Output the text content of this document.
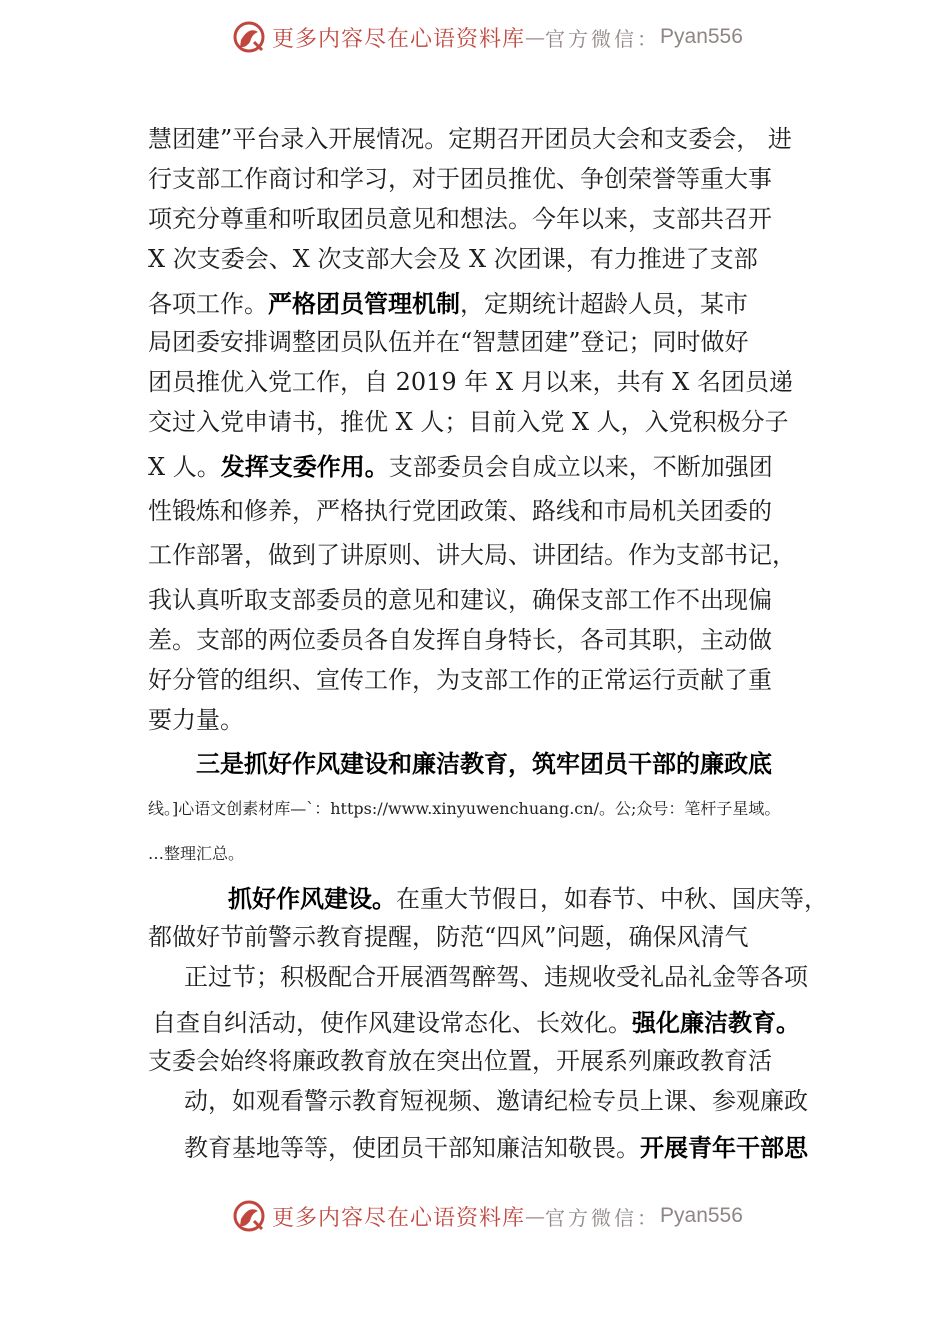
更多内容尽在心语资料库 — 官方微信： Pyan556
慧团建”平台录入开展情况。定期召开团员大会和支委会， 进
行支部工作商讨和学习，对于团员推优、争创荣誉等重大事
项充分尊重和听取团员意见和想法。今年以来，支部共召开
X 次支委会、X 次支部大会及 X 次团课，有力推进了支部
各项工作。严格团员管理机制，定期统计超龄人员，某市
局团委安排调整团员队伍并在“智慧团建”登记；同时做好
团员推优入党工作，自 2019 年 X 月以来，共有 X 名团员递
交过入党申请书，推优 X 人；目前入党 X 人，入党积极分子
X 人。发挥支委作用。支部委员会自成立以来，不断加强团
性锻炼和修养，严格执行党团政策、路线和市局机关团委的
工作部署，做到了讲原则、讲大局、讲团结。作为支部书记，
我认真听取支部委员的意见和建议，确保支部工作不出现偏
差。支部的两位委员各自发挥自身特长，各司其职，主动做
好分管的组织、宣传工作，为支部工作的正常运行贡献了重
要力量。
三是抓好作风建设和廉洁教育，筑牢团员干部的廉政底
线。]心语文创素材库—`：https://www.xinyuwenchuang.cn/。公;众号：笔杆子星域。
…整理汇总。
抓好作风建设。在重大节假日，如春节、中秋、国庆等，
都做好节前警示教育提醒，防范“四风”问题，确保风清气
正过节；积极配合开展酒驾醉驾、违规收受礼品礼金等各项
自查自纠活动，使作风建设常态化、长效化。强化廉洁教育。
支委会始终将廉政教育放在突出位置，开展系列廉政教育活
动，如观看警示教育短视频、邀请纪检专员上课、参观廉政
教育基地等等，使团员干部知廉洁知敬畏。开展青年干部思
更多内容尽在心语资料库 — 官方微信： Pyan556
